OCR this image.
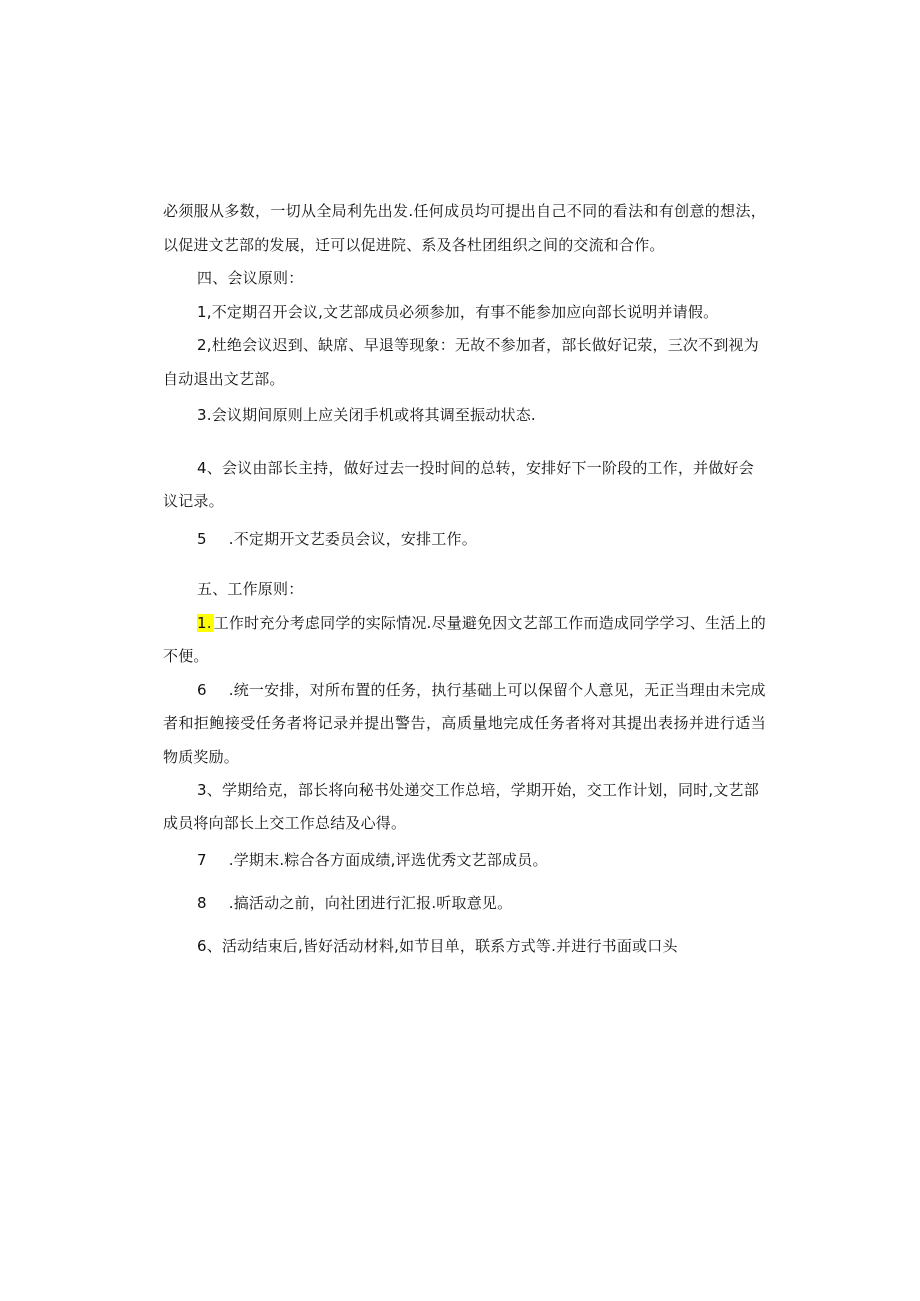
必须服从多数，一切从全局利先出发.任何成员均可提出自己不同的看法和有创意的想法，
以促进文艺部的发展，迁可以促进院、系及各杜团组织之间的交流和合作。
四、会议原则：
1,不定期召开会议,文艺部成员必须参加，有事不能参加应向部长说明并请假。
2,杜绝会议迟到、缺席、早退等现象：无故不参加者，部长做好记荥，三次不到视为
自动退出文艺部。
3.会议期间原则上应关闭手机或将其调至振动状态.
4、会议由部长主持，做好过去一投时间的总转，安排好下一阶段的工作，并做好会
议记录。
5 .不定期开文艺委员会议，安排工作。
五、工作原则：
1. 工作时充分考虑同学的实际情况.尽量避免因文艺部工作而造成同学学习、生活上的
不便。
6 .统一安排，对所布置的任务，执行基础上可以保留个人意见，无正当理由未完成
者和拒鲍接受任务者将记录并提出警告，高质量地完成任务者将对其提出表扬并进行适当
物质奖励。
3、学期给克，部长将向秘书处递交工作总培，学期开始，交工作计划，同时,文艺部
成员将向部长上交工作总结及心得。
7 .学期末.粽合各方面成绩,评选优秀文艺部成员。
8 .搞活动之前，向社团进行汇报.听取意见。
6、活动结束后,皆好活动材料,如节目单，联系方式等.并进行书面或口头
